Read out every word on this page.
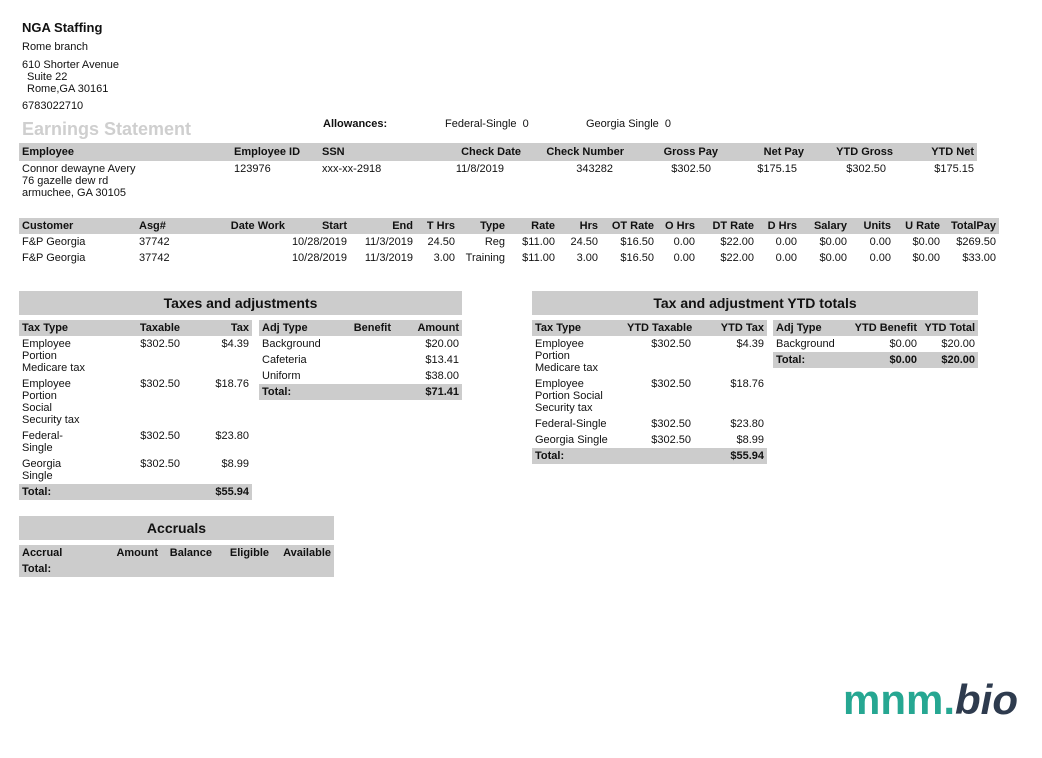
NGA Staffing
Rome branch
610 Shorter Avenue
Suite 22
Rome,GA 30161
6783022710
Earnings Statement	Allowances:	Federal-Single  0	Georgia Single  0
Employee	Employee ID	SSN	Check Date	Check Number	Gross Pay	Net Pay	YTD Gross	YTD Net

Connor dewayne Avery
76 gazelle dew rd
armuchee, GA 30105	123976	xxx-xx-2918	11/8/2019	343282	$302.50	$175.15	$302.50	$175.15
Customer	Asg#	Date Work	Start	End	T Hrs	Type	Rate	Hrs	OT Rate	O Hrs	DT Rate	D Hrs	Salary	Units	U Rate	TotalPay
F&P Georgia	37742		10/28/2019	11/3/2019	24.50	Reg	$11.00	24.50	$16.50	0.00	$22.00	0.00	$0.00	0.00	$0.00	$269.50
F&P Georgia	37742		10/28/2019	11/3/2019	3.00	Training	$11.00	3.00	$16.50	0.00	$22.00	0.00	$0.00	0.00	$0.00	$33.00
Taxes and adjustments
Tax Type	Taxable	Tax
Employee
Portion
Medicare tax	$302.50	$4.39
Employee
Portion
Social
Security tax	$302.50	$18.76
Federal-
Single	$302.50	$23.80
Georgia
Single	$302.50	$8.99
Total:		$55.94
Adj Type	Benefit	Amount
Background		$20.00
Cafeteria		$13.41
Uniform		$38.00
Total:		$71.41
Tax and adjustment YTD totals
Tax Type	YTD Taxable	YTD Tax
Employee
Portion
Medicare tax	$302.50	$4.39
Employee
Portion Social
Security tax	$302.50	$18.76
Federal-Single	$302.50	$23.80
Georgia Single	$302.50	$8.99
Total:		$55.94
Adj Type	YTD Benefit	YTD Total
Background	$0.00	$20.00
Total:	$0.00	$20.00
Accruals
Accrual	Amount	Balance	Eligible	Available
Total:				
mnm.bio
